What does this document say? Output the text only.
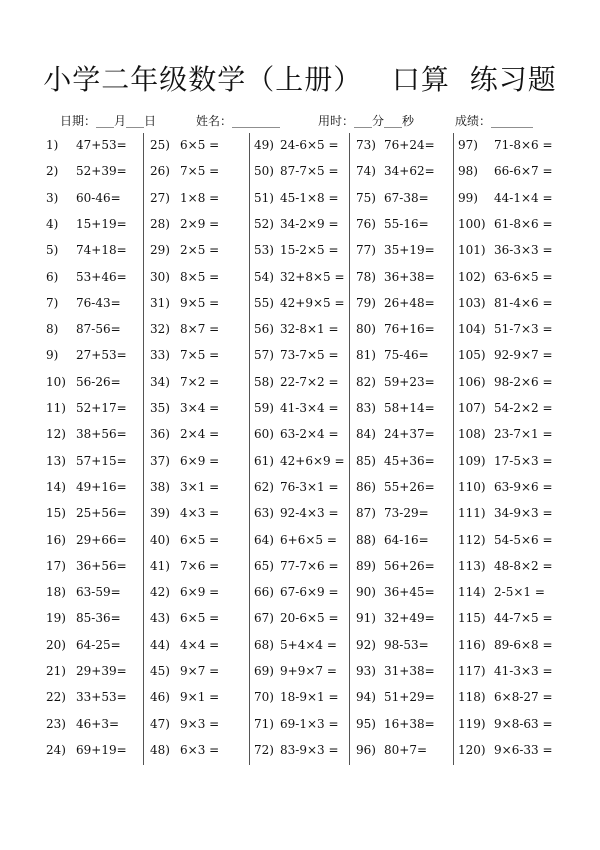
小学二年级数学（上册）   口算  练习题
日期：___月___日	姓名：________	用时：___分___秒	成绩：_______
1) 47+53=
2) 52+39=
3) 60-46=
4) 15+19=
5) 74+18=
6) 53+46=
7) 76-43=
8) 87-56=
9) 27+53=
10) 56-26=
11) 52+17=
12) 38+56=
13) 57+15=
14) 49+16=
15) 25+56=
16) 29+66=
17) 36+56=
18) 63-59=
19) 85-36=
20) 64-25=
21) 29+39=
22) 33+53=
23) 46+3=
24) 69+19=
25) 6×5 =
26) 7×5 =
27) 1×8 =
28) 2×9 =
29) 2×5 =
30) 8×5 =
31) 9×5 =
32) 8×7 =
33) 7×5 =
34) 7×2 =
35) 3×4 =
36) 2×4 =
37) 6×9 =
38) 3×1 =
39) 4×3 =
40) 6×5 =
41) 7×6 =
42) 6×9 =
43) 6×5 =
44) 4×4 =
45) 9×7 =
46) 9×1 =
47) 9×3 =
48) 6×3 =
49) 24-6×5 =
50) 87-7×5 =
51) 45-1×8 =
52) 34-2×9 =
53) 15-2×5 =
54) 32+8×5 =
55) 42+9×5 =
56) 32-8×1 =
57) 73-7×5 =
58) 22-7×2 =
59) 41-3×4 =
60) 63-2×4 =
61) 42+6×9 =
62) 76-3×1 =
63) 92-4×3 =
64) 6+6×5 =
65) 77-7×6 =
66) 67-6×9 =
67) 20-6×5 =
68) 5+4×4 =
69) 9+9×7 =
70) 18-9×1 =
71) 69-1×3 =
72) 83-9×3 =
73) 76+24=
74) 34+62=
75) 67-38=
76) 55-16=
77) 35+19=
78) 36+38=
79) 26+48=
80) 76+16=
81) 75-46=
82) 59+23=
83) 58+14=
84) 24+37=
85) 45+36=
86) 55+26=
87) 73-29=
88) 64-16=
89) 56+26=
90) 36+45=
91) 32+49=
92) 98-53=
93) 31+38=
94) 51+29=
95) 16+38=
96) 80+7=
97) 71-8×6 =
98) 66-6×7 =
99) 44-1×4 =
100) 61-8×6 =
101) 36-3×3 =
102) 63-6×5 =
103) 81-4×6 =
104) 51-7×3 =
105) 92-9×7 =
106) 98-2×6 =
107) 54-2×2 =
108) 23-7×1 =
109) 17-5×3 =
110) 63-9×6 =
111) 34-9×3 =
112) 54-5×6 =
113) 48-8×2 =
114) 2-5×1 =
115) 44-7×5 =
116) 89-6×8 =
117) 41-3×3 =
118) 6×8-27 =
119) 9×8-63 =
120) 9×6-33 =
